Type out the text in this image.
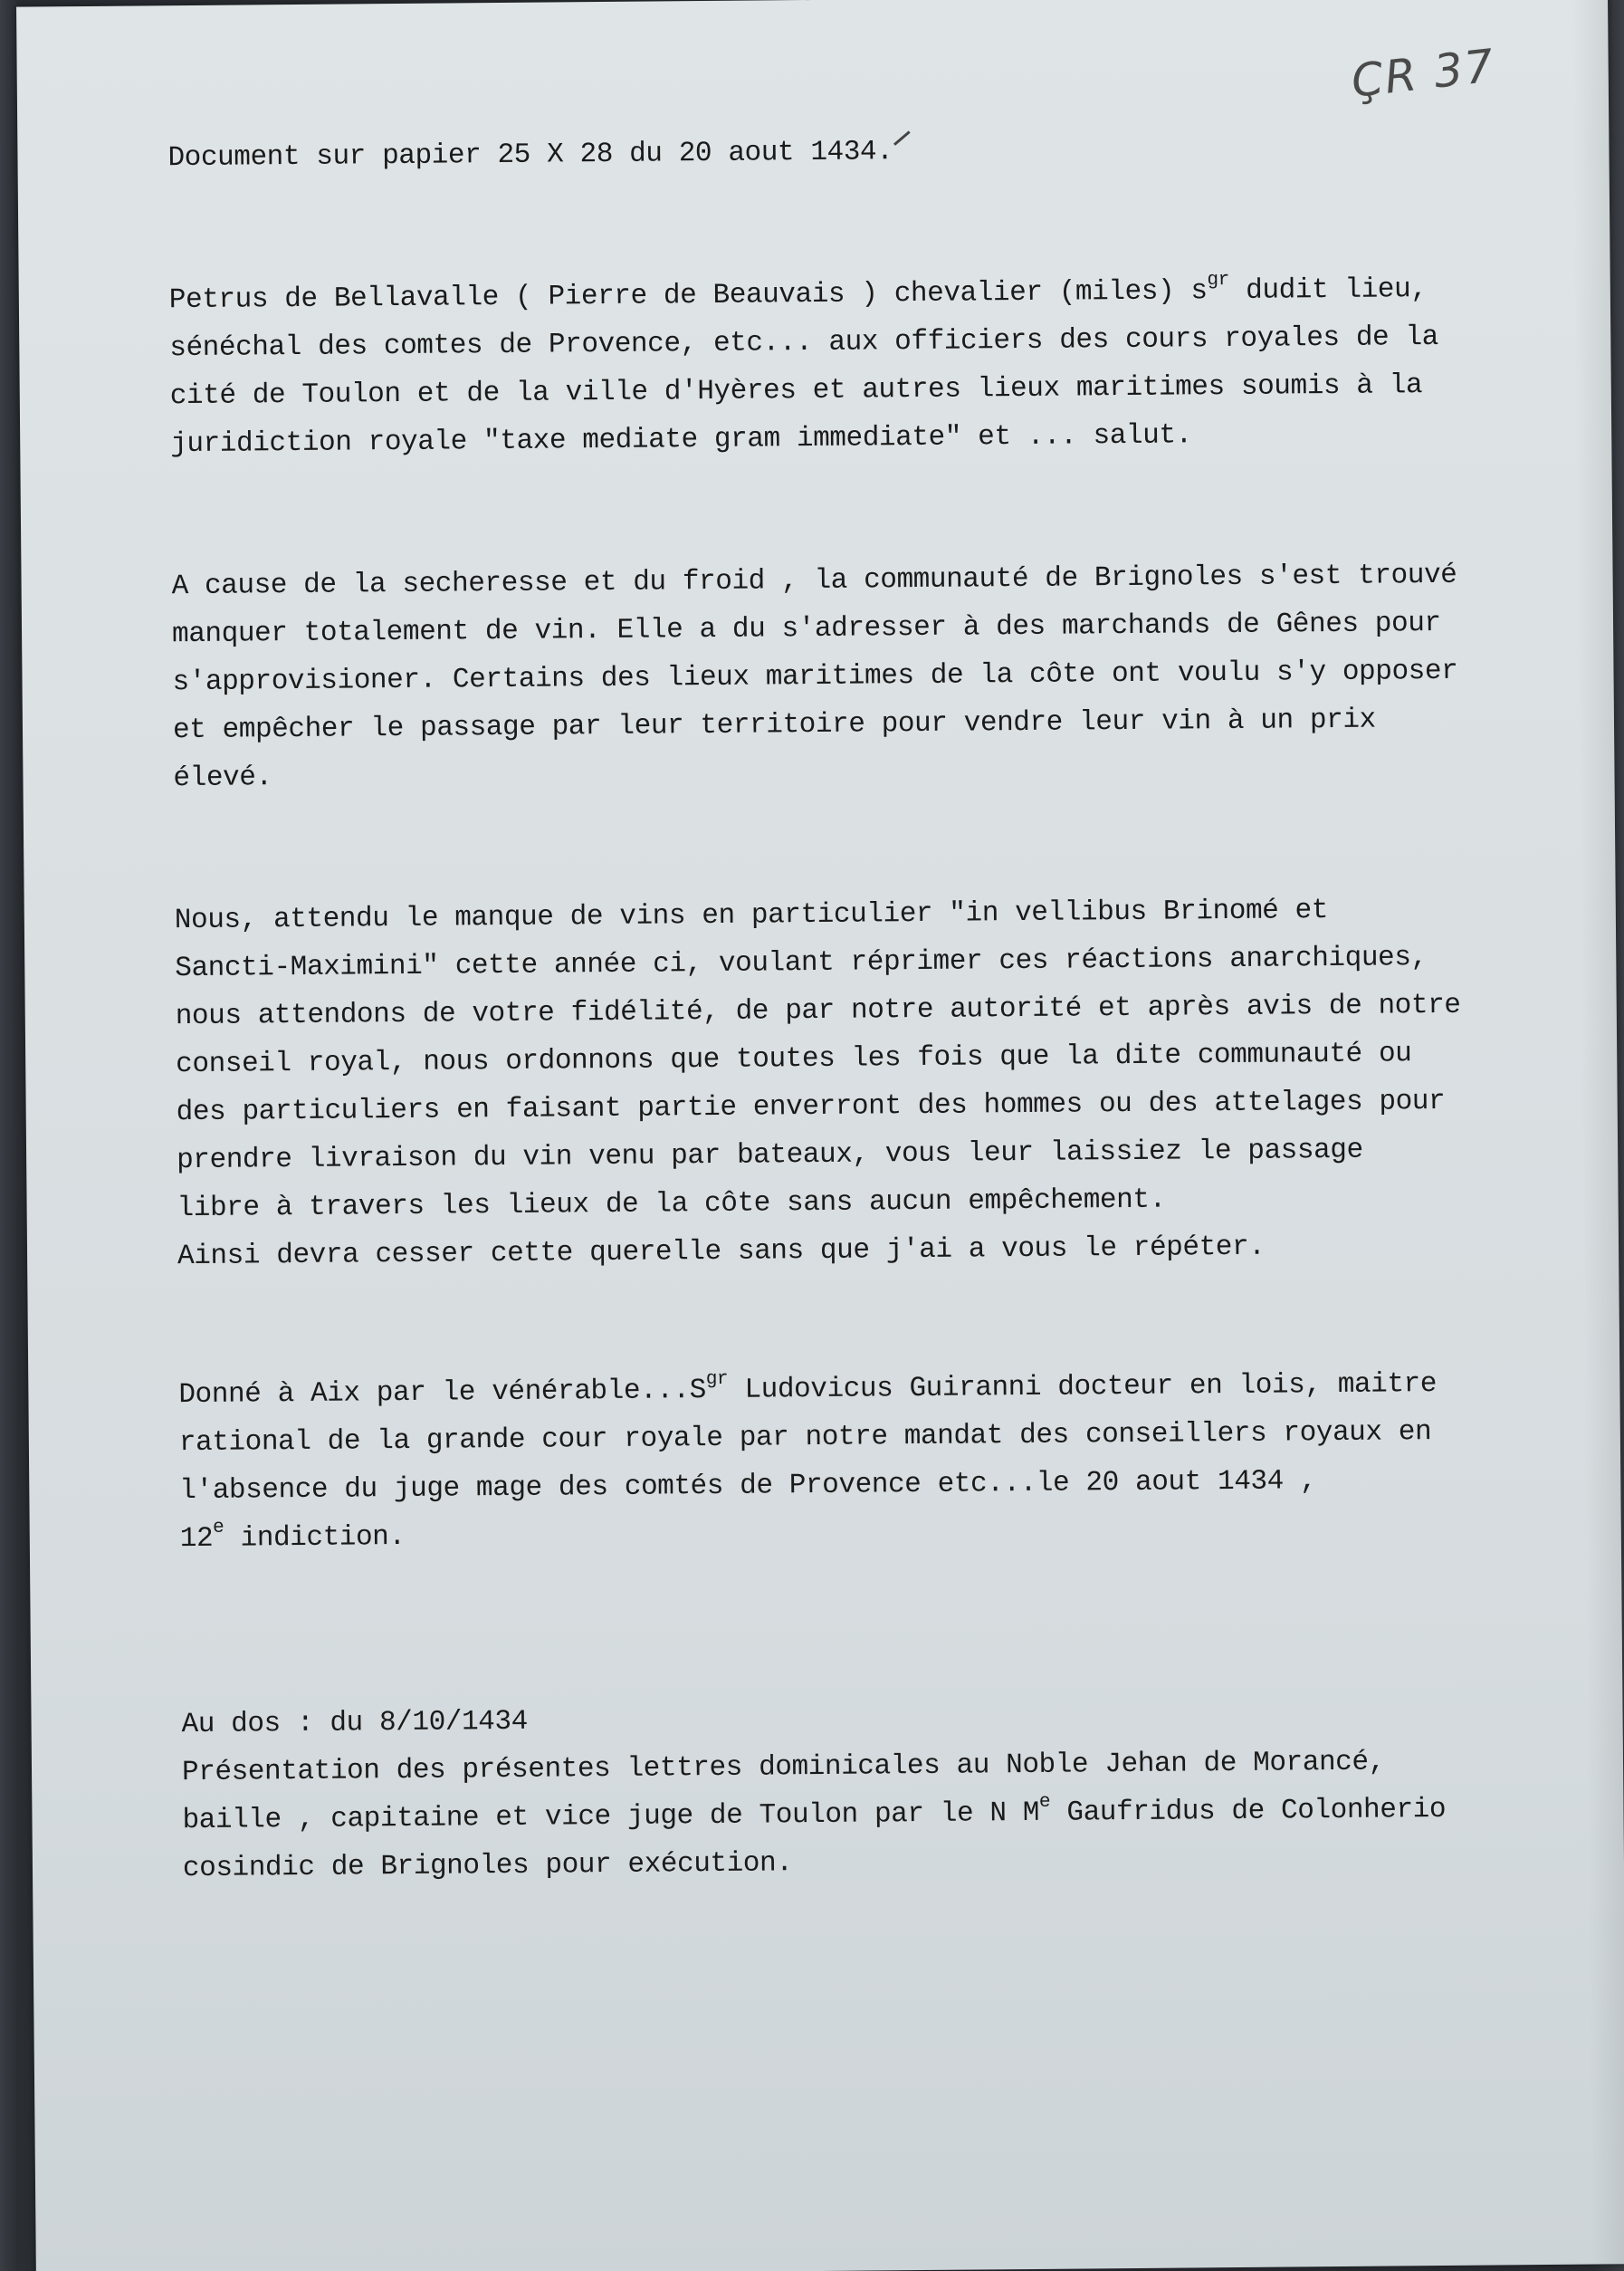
ÇR 37
Document sur papier 25 X 28 du 20 aout 1434.
Petrus de Bellavalle ( Pierre de Beauvais ) chevalier (miles) $s^{gr}$ dudit lieu,
sénéchal des comtes de Provence, etc... aux officiers des cours royales de la
cité de Toulon et de la ville d'Hyères et autres lieux maritimes soumis à la
juridiction royale "taxe mediate gram immediate" et ... salut.
A cause de la secheresse et du froid , la communauté de Brignoles s'est trouvé
manquer totalement de vin. Elle a du s'adresser à des marchands de Gênes pour
s'approvisioner. Certains des lieux maritimes de la côte ont voulu s'y opposer
et empêcher le passage par leur territoire pour vendre leur vin à un prix
élevé.
Nous, attendu le manque de vins en particulier "in vellibus Brinomé et
Sancti-Maximini" cette année ci, voulant réprimer ces réactions anarchiques,
nous attendons de votre fidélité, de par notre autorité et après avis de notre
conseil royal, nous ordonnons que toutes les fois que la dite communauté ou
des particuliers en faisant partie enverront des hommes ou des attelages pour
prendre livraison du vin venu par bateaux, vous leur laissiez le passage
libre à travers les lieux de la côte sans aucun empêchement.
Ainsi devra cesser cette querelle sans que j'ai a vous le répéter.
Donné à Aix par le $vénérable...S^{gr}$ Ludovicus Guiranni docteur en lois, maitre
rational de la grande cour royale par notre mandat des conseillers royaux en
l'absence du juge mage des comtés de Provence etc...le 20 aout 1434 ,
12e indiction.
Au dos : du 8/10/1434
Présentation des présentes lettres dominicales au Noble Jehan de Morancé,
baille , capitaine et vice juge de Toulon par le N Me Gaufridus de Colonherio
cosindic de Brignoles pour exécution.
